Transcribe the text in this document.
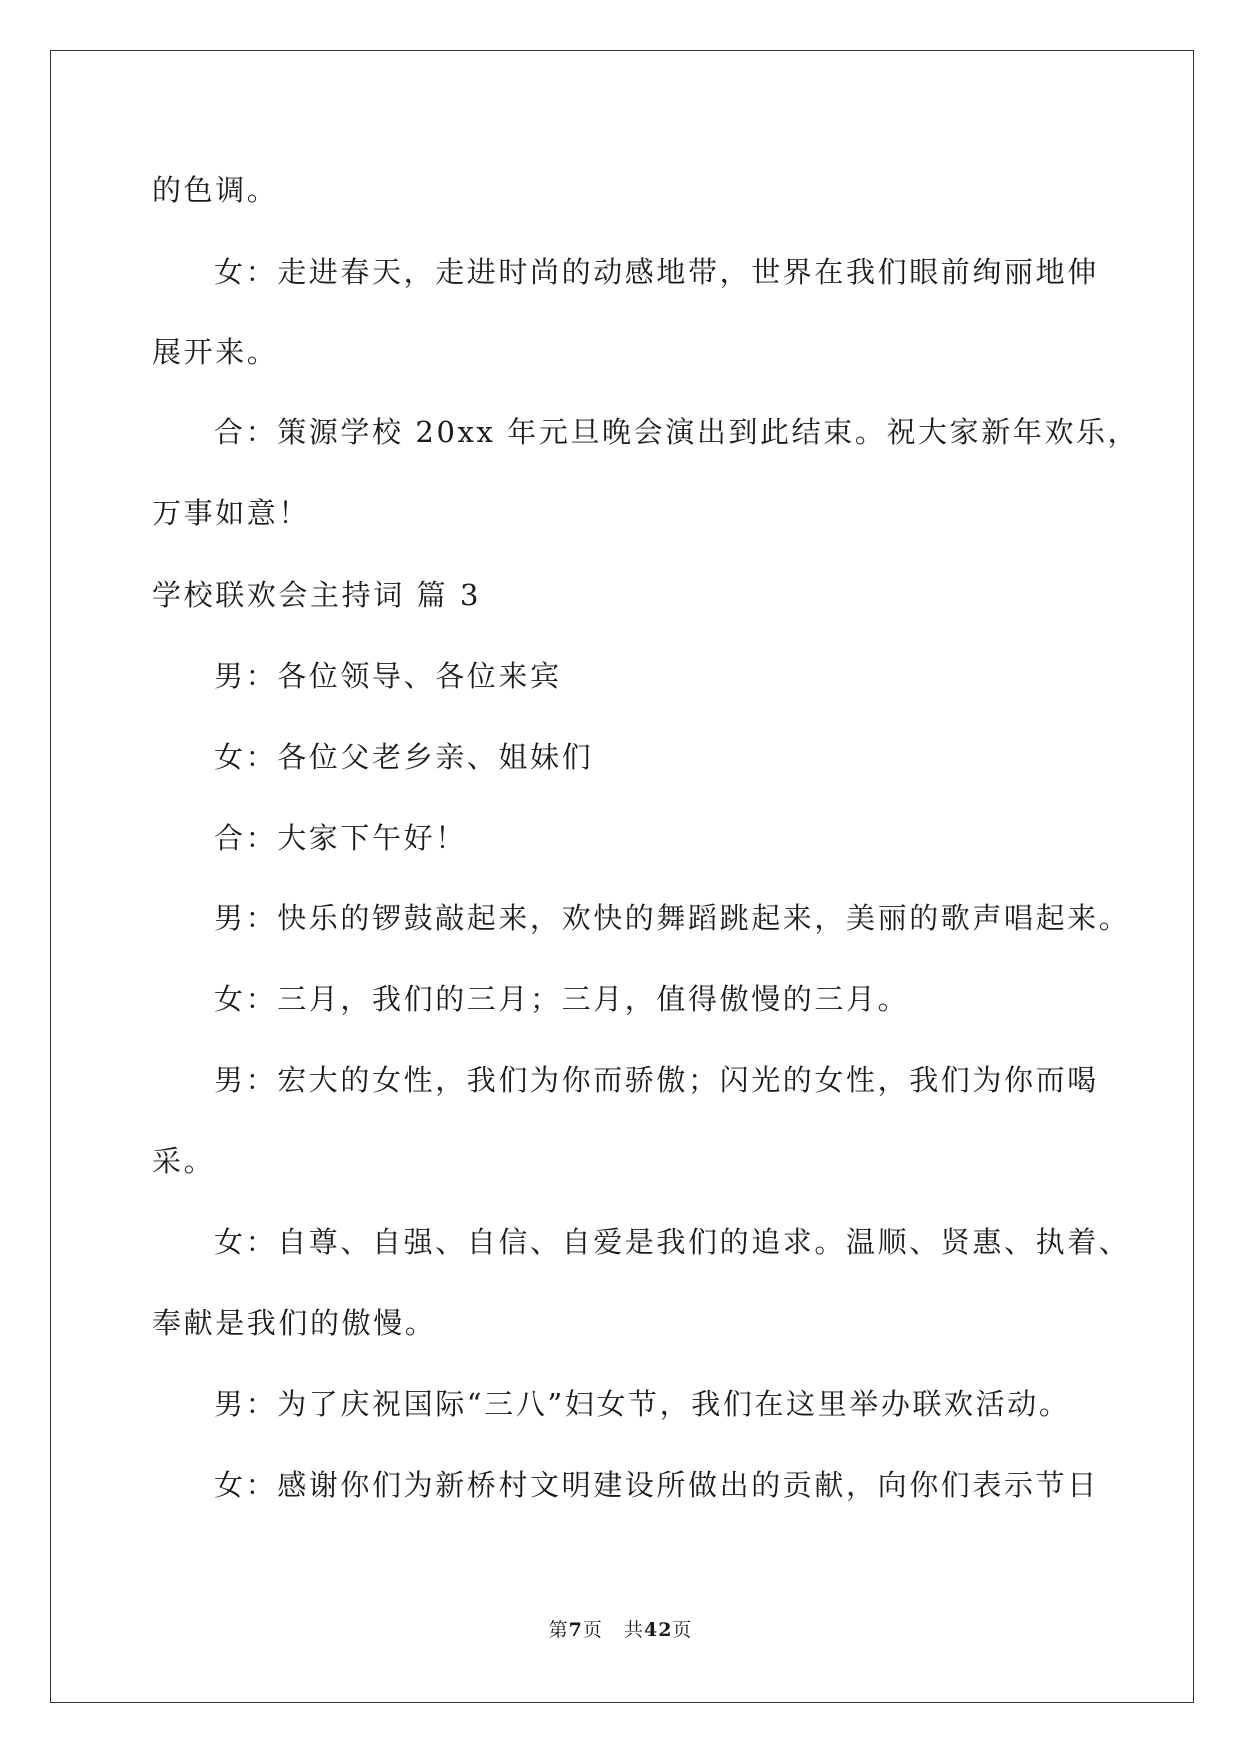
的色调。
女：走进春天，走进时尚的动感地带，世界在我们眼前绚丽地伸
展开来。
合：策源学校 20xx 年元旦晚会演出到此结束。祝大家新年欢乐，
万事如意！
学校联欢会主持词 篇 3
男：各位领导、各位来宾
女：各位父老乡亲、姐妹们
合：大家下午好！
男：快乐的锣鼓敲起来，欢快的舞蹈跳起来，美丽的歌声唱起来。
女：三月，我们的三月；三月，值得傲慢的三月。
男：宏大的女性，我们为你而骄傲；闪光的女性，我们为你而喝
采。
女：自尊、自强、自信、自爱是我们的追求。温顺、贤惠、执着、
奉献是我们的傲慢。
男：为了庆祝国际“三八”妇女节，我们在这里举办联欢活动。
女：感谢你们为新桥村文明建设所做出的贡献，向你们表示节日
第7页 共42页
